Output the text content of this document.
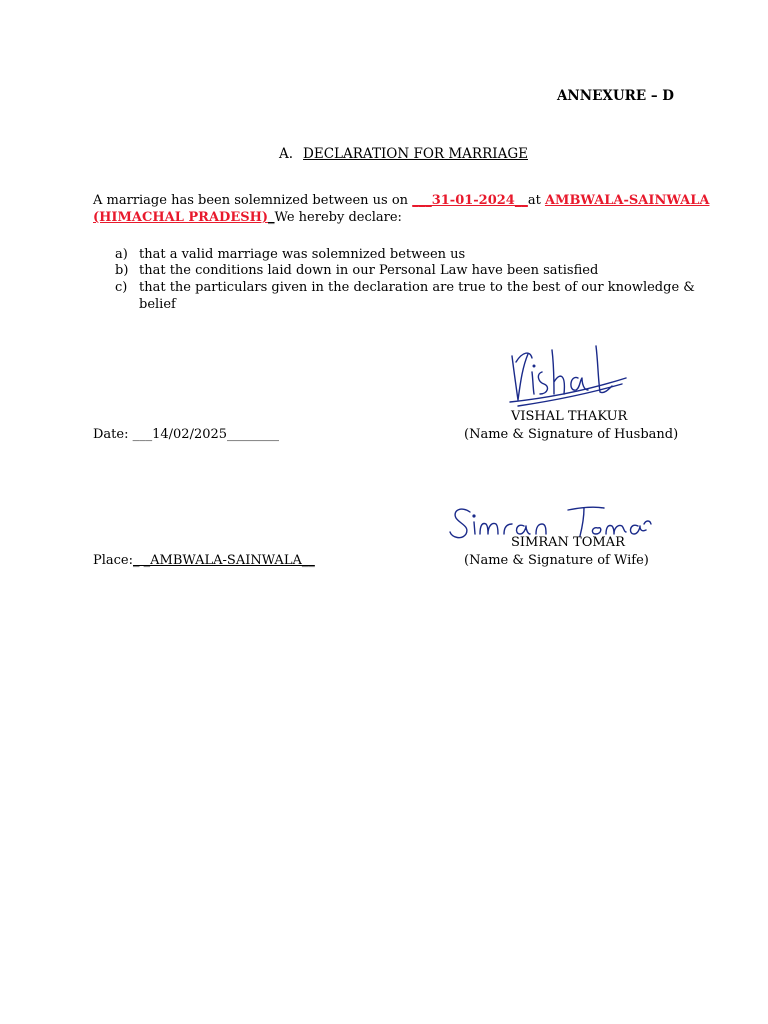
ANNEXURE – D
A. DECLARATION FOR MARRIAGE
A marriage has been solemnized between us on ___31-01-2024__at AMBWALA-SAINWALA
(HIMACHAL PRADESH)_We hereby declare:
a) that a valid marriage was solemnized between us
b) that the conditions laid down in our Personal Law have been satisfied
c) that the particulars given in the declaration are true to the best of our knowledge &
belief
VISHAL THAKUR
(Name & Signature of Husband)
Date: ___14/02/2025________
SIMRAN TOMAR
(Name & Signature of Wife)
Place:_ _AMBWALA-SAINWALA__
